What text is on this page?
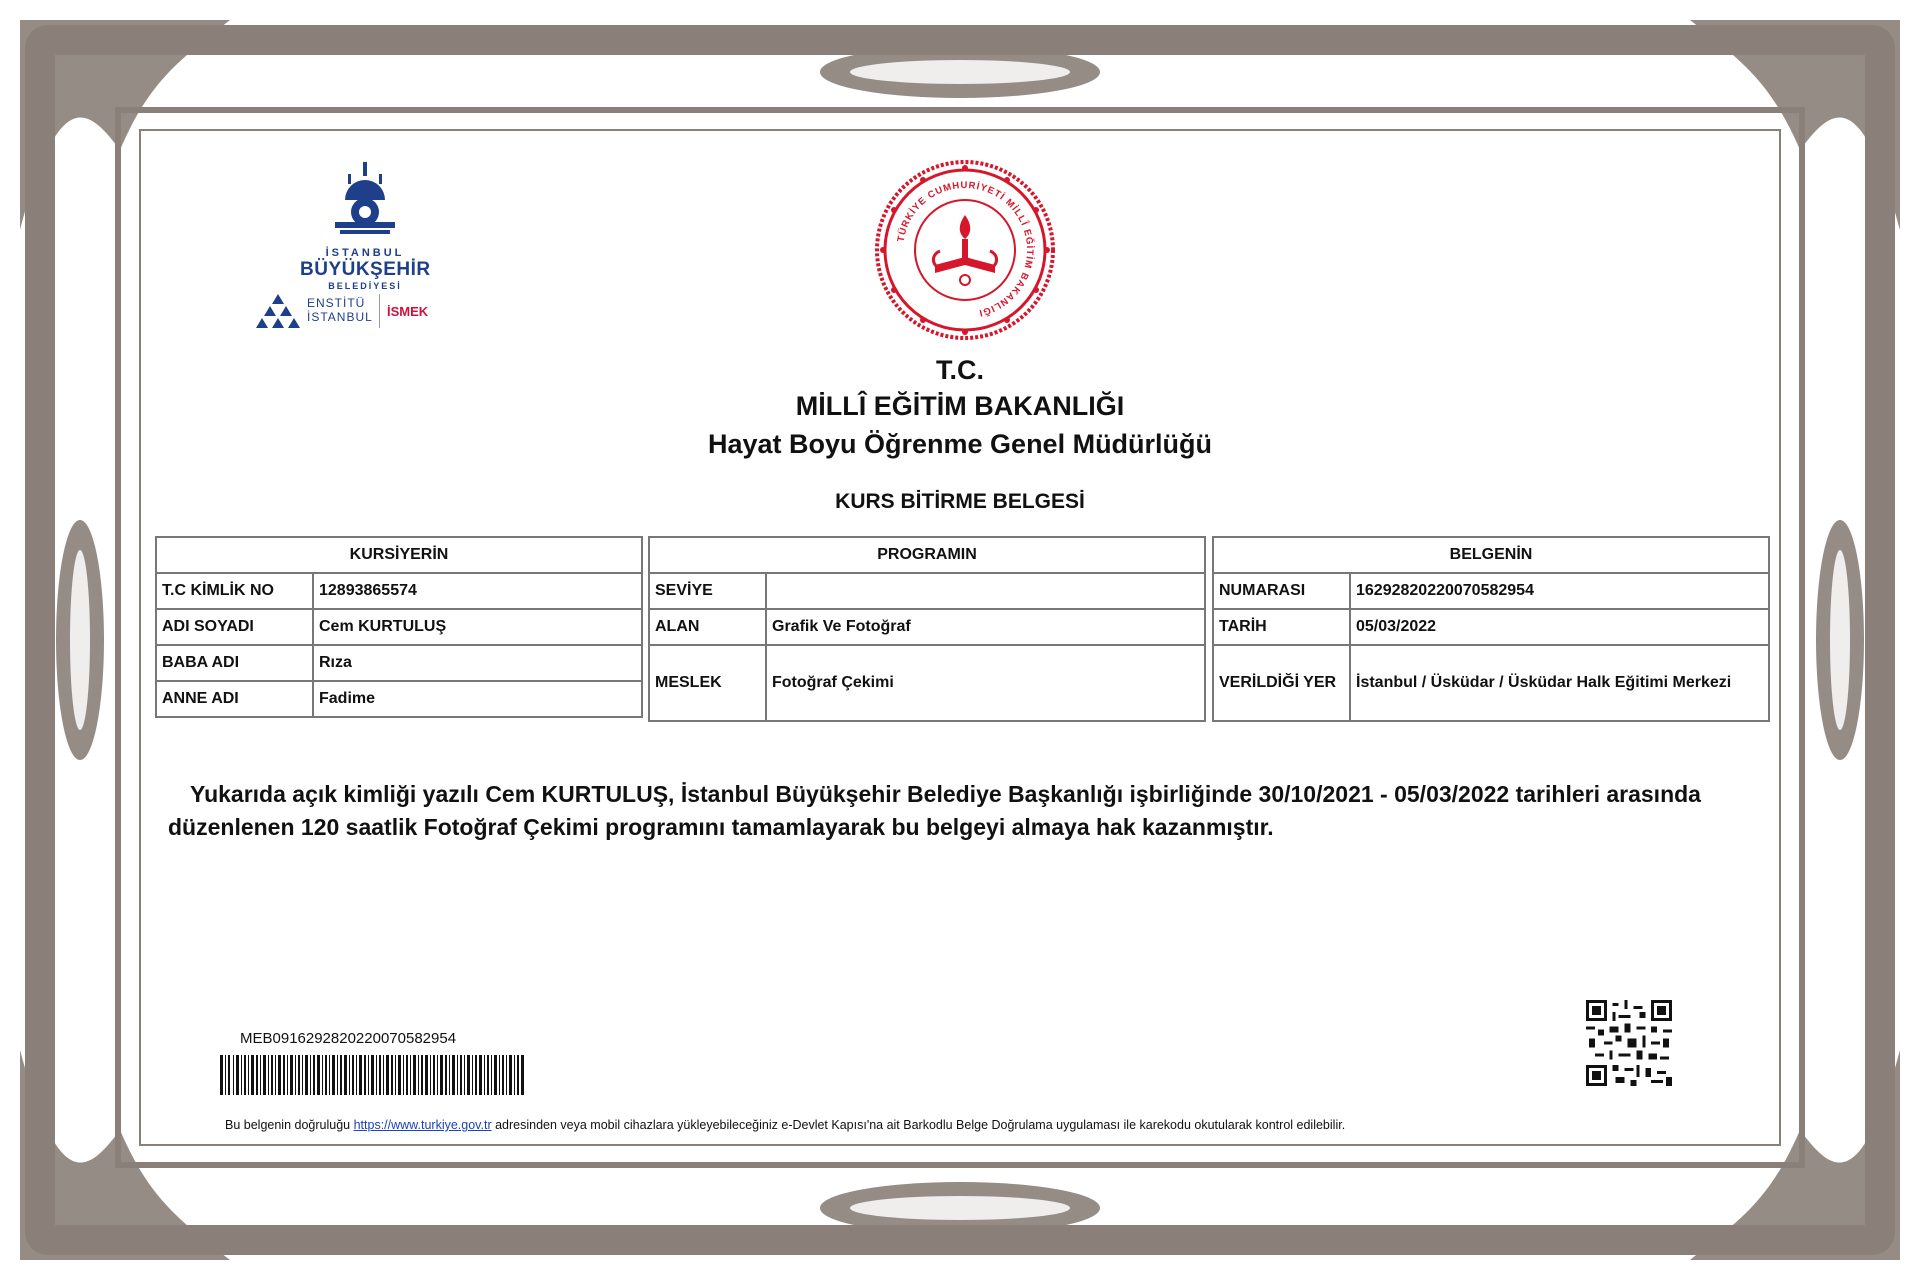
İSTANBUL
BÜYÜKŞEHİR
BELEDİYESİ
ENSTİTÜ
İSTANBUL İSMEK
TÜRKİYE CUMHURİYETİ MİLLÎ EĞİTİM BAKANLIĞI
T.C.
MİLLÎ EĞİTİM BAKANLIĞI
Hayat Boyu Öğrenme Genel Müdürlüğü
KURS BİTİRME BELGESİ
KURSİYERİN	
T.C KİMLİK NO	12893865574
ADI SOYADI	Cem KURTULUŞ
BABA ADI	Rıza
ANNE ADI	Fadime
PROGRAMIN	
SEVİYE	
ALAN	Grafik Ve Fotoğraf
MESLEK	Fotoğraf Çekimi
BELGENİN	
NUMARASI	16292820220070582954
TARİH	05/03/2022
VERİLDİĞİ YER	İstanbul / Üsküdar / Üsküdar Halk Eğitimi Merkezi
Yukarıda açık kimliği yazılı Cem KURTULUŞ, İstanbul Büyükşehir Belediye Başkanlığı işbirliğinde 30/10/2021 - 05/03/2022 tarihleri arasında düzenlenen 120 saatlik Fotoğraf Çekimi programını tamamlayarak bu belgeyi almaya hak kazanmıştır.
MEB0916292820220070582954
Bu belgenin doğruluğu https://www.turkiye.gov.tr adresinden veya mobil cihazlara yükleyebileceğiniz e-Devlet Kapısı'na ait Barkodlu Belge Doğrulama uygulaması ile karekodu okutularak kontrol edilebilir.
